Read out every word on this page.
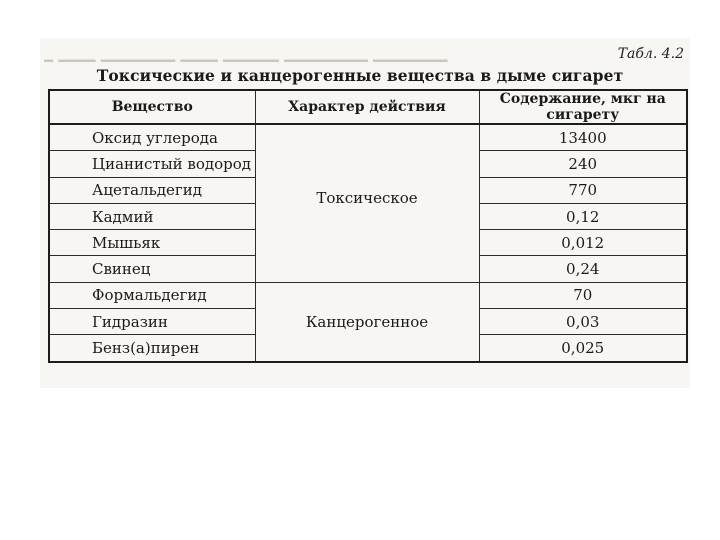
━ ━━━━ ━━━━━━━━ ━━━━ ━━━━━━ ━━━━━━━━━ ━━━━━━━━	Табл. 4.2
Токсические и канцерогенные вещества в дыме сигарет
Вещество	Характер действия	Содержание, мкг на сигарету
Оксид углерода	Токсическое	13400
Цианистый водород		240
Ацетальдегид		770
Кадмий		0,12
Мышьяк		0,012
Свинец		0,24
Формальдегид	Канцерогенное	70
Гидразин		0,03
Бенз(а)пирен		0,025
